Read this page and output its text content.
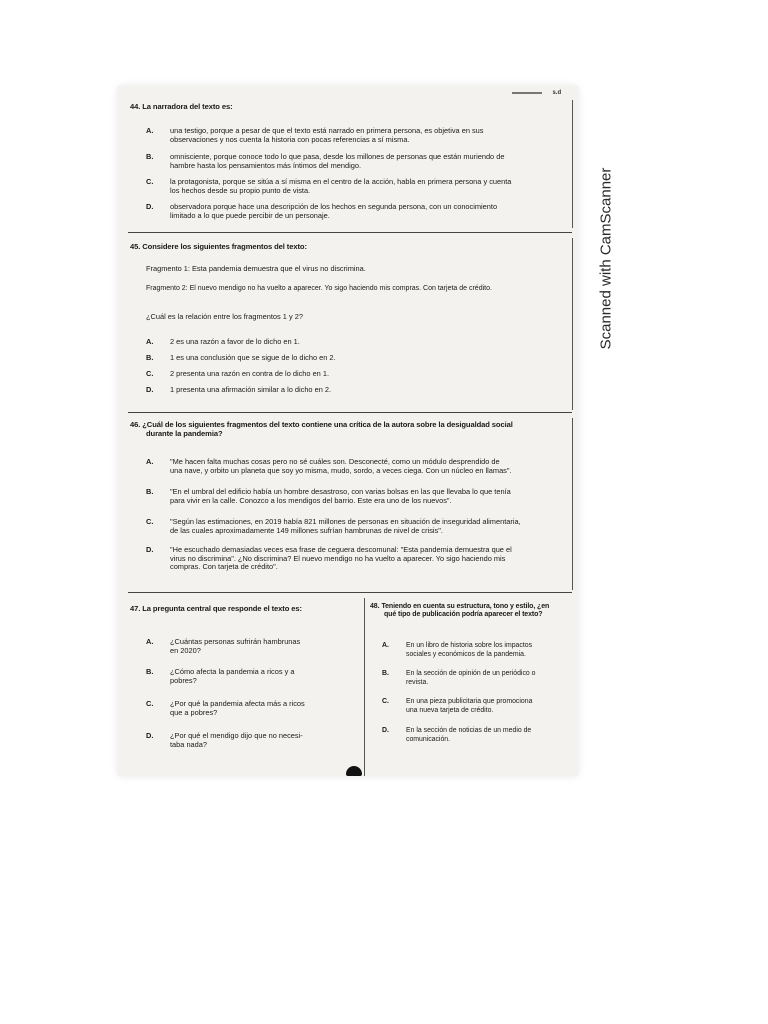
s.d
44. La narradora del texto es:
A. una testigo, porque a pesar de que el texto está narrado en primera persona, es objetiva en sus
observaciones y nos cuenta la historia con pocas referencias a sí misma.
B. omnisciente, porque conoce todo lo que pasa, desde los millones de personas que están muriendo de
hambre hasta los pensamientos más íntimos del mendigo.
C. la protagonista, porque se sitúa a sí misma en el centro de la acción, habla en primera persona y cuenta
los hechos desde su propio punto de vista.
D. observadora porque hace una descripción de los hechos en segunda persona, con un conocimiento
limitado a lo que puede percibir de un personaje.
45. Considere los siguientes fragmentos del texto:
Fragmento 1: Esta pandemia demuestra que el virus no discrimina.
Fragmento 2: El nuevo mendigo no ha vuelto a aparecer. Yo sigo haciendo mis compras. Con tarjeta de crédito.
¿Cuál es la relación entre los fragmentos 1 y 2?
A. 2 es una razón a favor de lo dicho en 1.
B. 1 es una conclusión que se sigue de lo dicho en 2.
C. 2 presenta una razón en contra de lo dicho en 1.
D. 1 presenta una afirmación similar a lo dicho en 2.
46. ¿Cuál de los siguientes fragmentos del texto contiene una crítica de la autora sobre la desigualdad social
durante la pandemia?
A. "Me hacen falta muchas cosas pero no sé cuáles son. Desconecté, como un módulo desprendido de
una nave, y orbito un planeta que soy yo misma, mudo, sordo, a veces ciega. Con un núcleo en llamas".
B. "En el umbral del edificio había un hombre desastroso, con varias bolsas en las que llevaba lo que tenía
para vivir en la calle. Conozco a los mendigos del barrio. Este era uno de los nuevos".
C. "Según las estimaciones, en 2019 había 821 millones de personas en situación de inseguridad alimentaria,
de las cuales aproximadamente 149 millones sufrían hambrunas de nivel de crisis".
D. "He escuchado demasiadas veces esa frase de ceguera descomunal: "Esta pandemia demuestra que el
virus no discrimina". ¿No discrimina? El nuevo mendigo no ha vuelto a aparecer. Yo sigo haciendo mis
compras. Con tarjeta de crédito".
47. La pregunta central que responde el texto es:
A. ¿Cuántas personas sufrirán hambrunas
en 2020?
B. ¿Cómo afecta la pandemia a ricos y a
pobres?
C. ¿Por qué la pandemia afecta más a ricos
que a pobres?
D. ¿Por qué el mendigo dijo que no necesi-
taba nada?
48. Teniendo en cuenta su estructura, tono y estilo, ¿en
qué tipo de publicación podría aparecer el texto?
A. En un libro de historia sobre los impactos
sociales y económicos de la pandemia.
B. En la sección de opinión de un periódico o
revista.
C. En una pieza publicitaria que promociona
una nueva tarjeta de crédito.
D. En la sección de noticias de un medio de
comunicación.
Scanned with CamScanner
